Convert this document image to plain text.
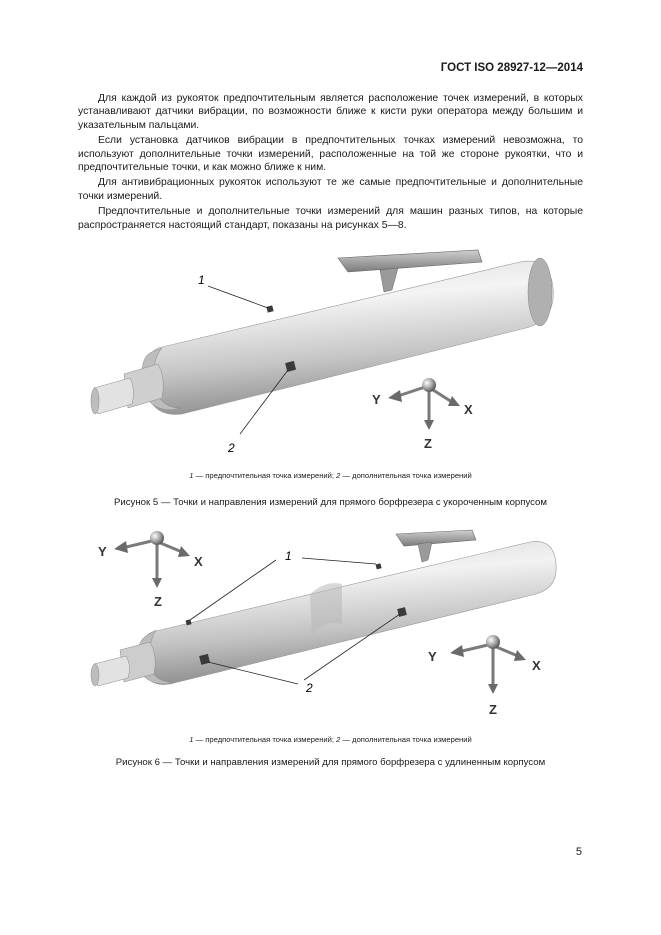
ГОСТ ISO 28927-12—2014

Для каждой из рукояток предпочтительным является расположение точек измерений, в которых устанавливают датчики вибрации, по возможности ближе к кисти руки оператора между большим и указательным пальцами.

Если установка датчиков вибрации в предпочтительных точках измерений невозможна, то используют дополнительные точки измерений, расположенные на той же стороне рукоятки, что и предпочтительные точки, и как можно ближе к ним.

Для антивибрационных рукояток используют те же самые предпочтительные и дополнительные точки измерений.

Предпочтительные и дополнительные точки измерений для машин разных типов, на которые распространяется настоящий стандарт, показаны на рисунках 5—8.

1
2
Y
X
Z
1 — предпочтительная точка измерений; 2 — дополнительная точка измерений
Рисунок 5 — Точки и направления измерений для прямого борфрезера с укороченным корпусом
1
2
Y
X
Z
Y
X
Z
1 — предпочтительная точка измерений; 2 — дополнительная точка измерений
Рисунок 6 — Точки и направления измерений для прямого борфрезера с удлиненным корпусом
5
